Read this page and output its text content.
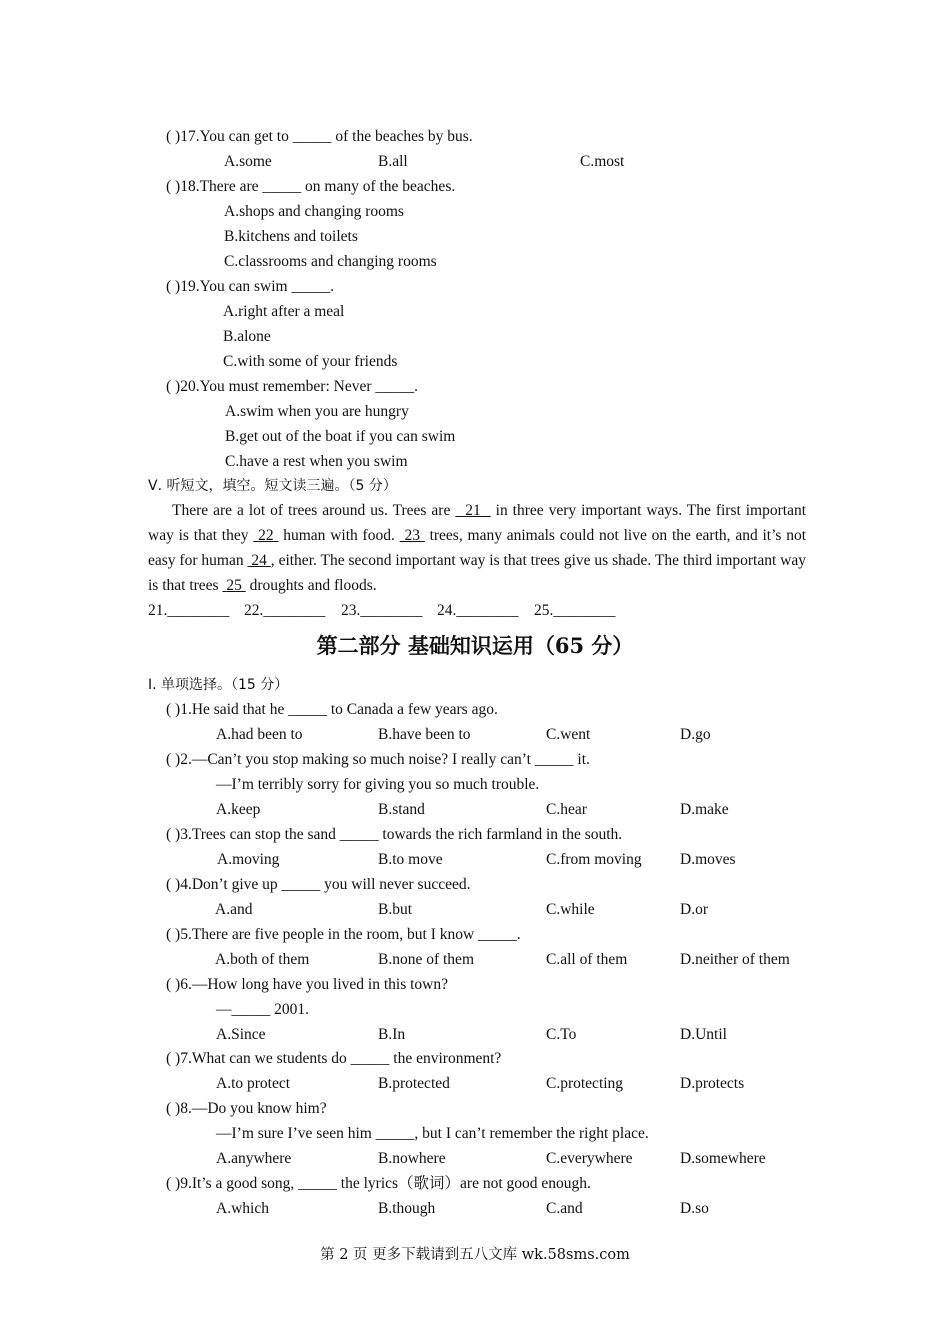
( )17.You can get to _____ of the beaches by bus.
A.some	B.all	C.most
( )18.There are _____ on many of the beaches.
A.shops and changing rooms
B.kitchens and toilets
C.classrooms and changing rooms
( )19.You can swim _____.
A.right after a meal
B.alone
C.with some of your friends
( )20.You must remember: Never _____.
A.swim when you are hungry
B.get out of the boat if you can swim
C.have a rest when you swim
Ⅴ. 听短文，填空。短文读三遍。（5 分）
There are a lot of trees around us. Trees are   21   in three very important ways. The first important way is that they  22  human with food.  23  trees, many animals could not live on the earth, and it’s not easy for human  24 , either. The second important way is that trees give us shade. The third important way is that trees  25  droughts and floods.
21.________ 22.________ 23.________ 24.________ 25.________
第二部分 基础知识运用（65 分）
Ⅰ. 单项选择。（15 分）
( )1.He said that he _____ to Canada a few years ago.
A.had been to	B.have been to	C.went	D.go
( )2.—Can’t you stop making so much noise? I really can’t _____ it.
—I’m terribly sorry for giving you so much trouble.
A.keep	B.stand	C.hear	D.make
( )3.Trees can stop the sand _____ towards the rich farmland in the south.
A.moving	B.to move	C.from moving D.moves
( )4.Don’t give up _____ you will never succeed.
A.and	B.but	C.while	D.or
( )5.There are five people in the room, but I know _____.
A.both of them	B.none of them	C.all of them	D.neither of them
( )6.—How long have you lived in this town?
—_____ 2001.
A.Since	B.In	C.To	D.Until
( )7.What can we students do _____ the environment?
A.to protect	B.protected	C.protecting	D.protects
( )8.—Do you know him?
—I’m sure I’ve seen him _____, but I can’t remember the right place.
A.anywhere	B.nowhere	C.everywhere	D.somewhere
( )9.It’s a good song, _____ the lyrics（歌词）are not good enough.
A.which	B.though	C.and	D.so
第 2 页 更多下载请到五八文库 wk.58sms.com
